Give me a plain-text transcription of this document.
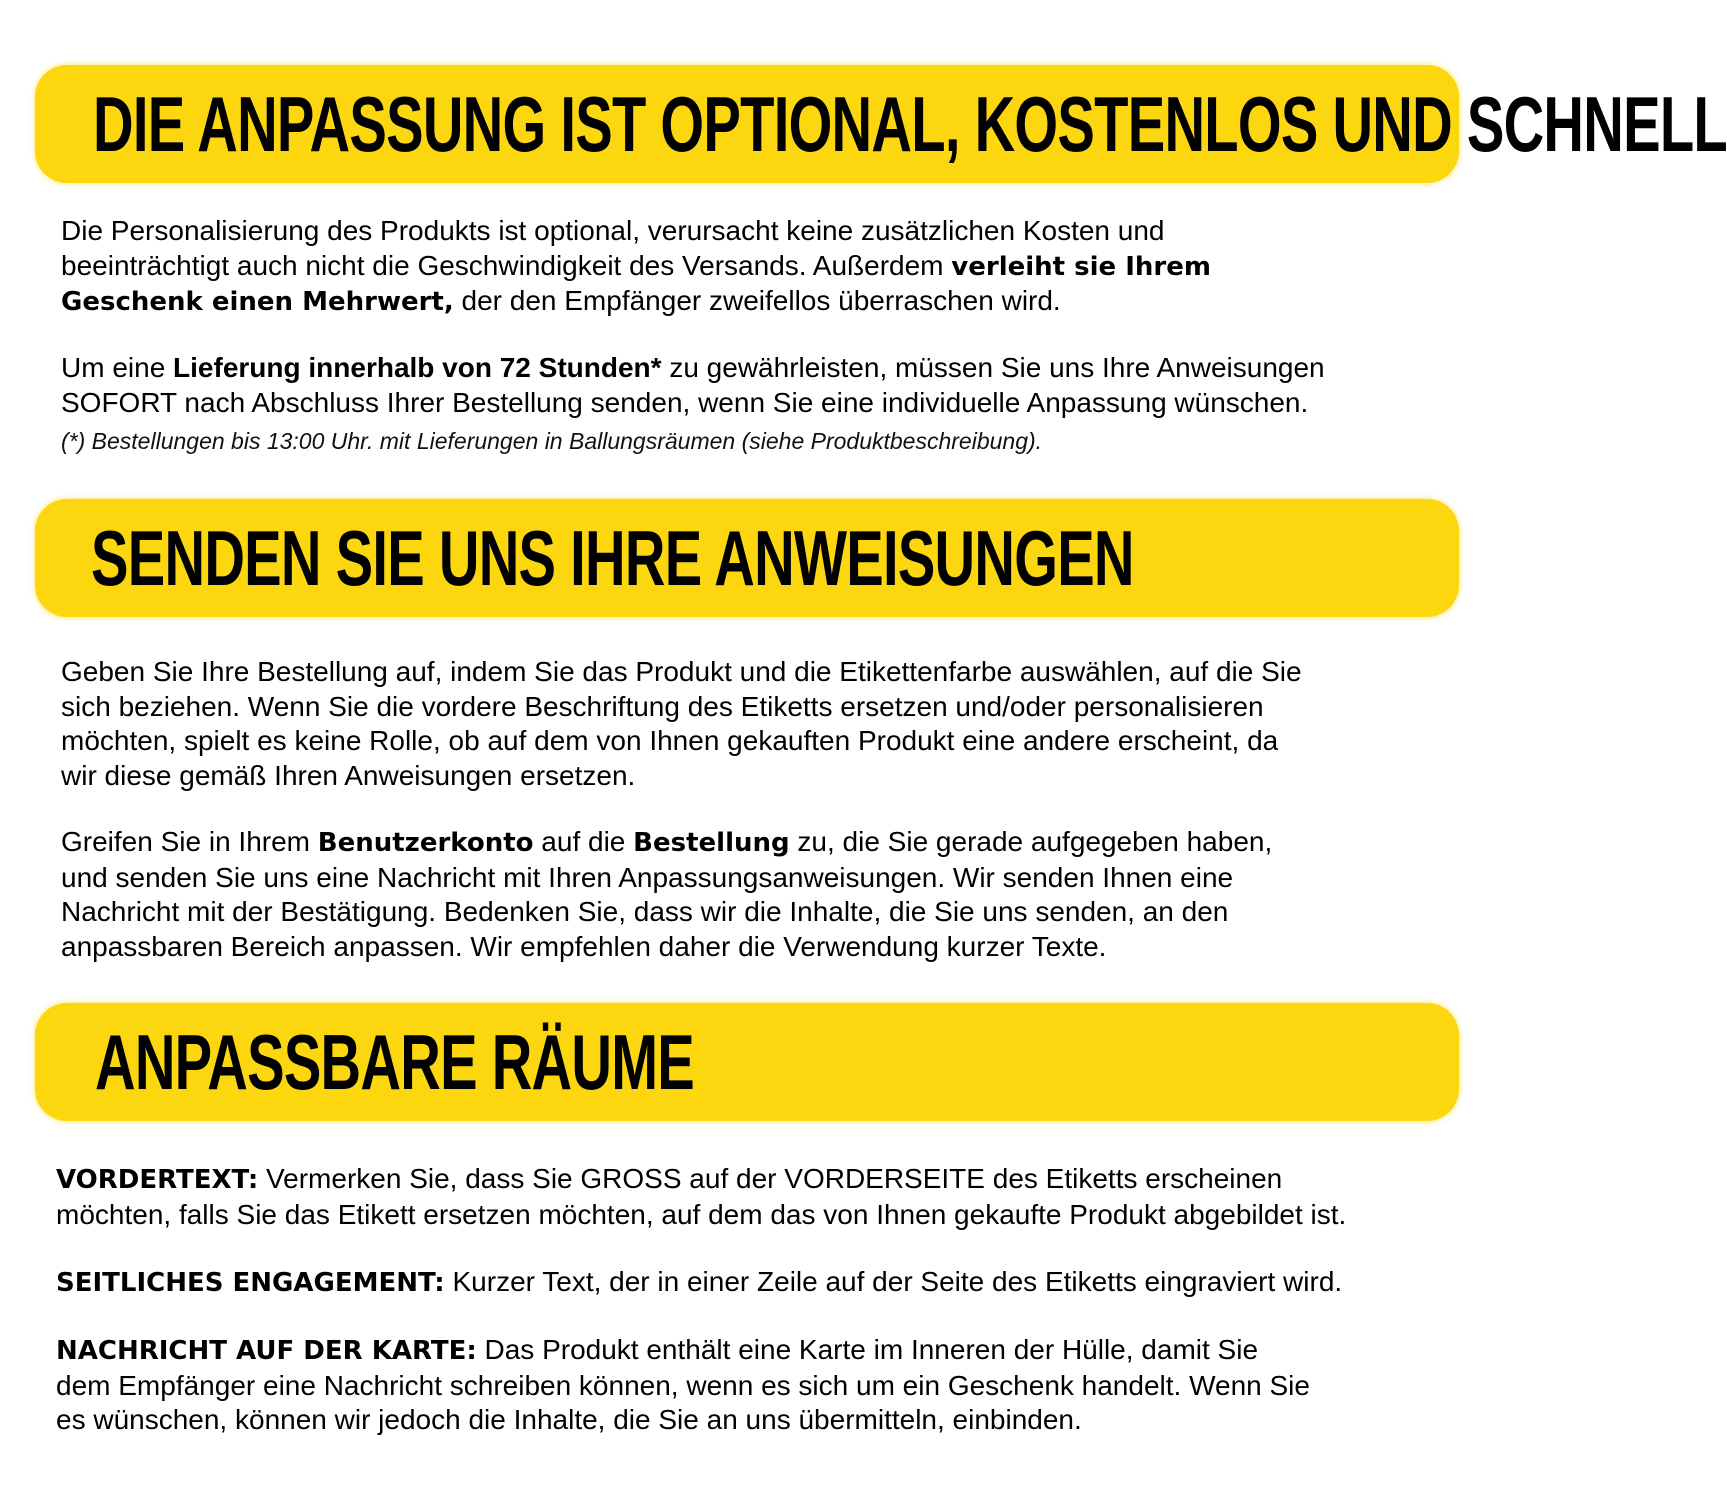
DIE ANPASSUNG IST OPTIONAL, KOSTENLOS UND SCHNELL

Die Personalisierung des Produkts ist optional, verursacht keine zusätzlichen Kosten und
beeinträchtigt auch nicht die Geschwindigkeit des Versands. Außerdem verleiht sie Ihrem
Geschenk einen Mehrwert, der den Empfänger zweifellos überraschen wird.

Um eine Lieferung innerhalb von 72 Stunden* zu gewährleisten, müssen Sie uns Ihre Anweisungen
SOFORT nach Abschluss Ihrer Bestellung senden, wenn Sie eine individuelle Anpassung wünschen.
(*) Bestellungen bis 13:00 Uhr. mit Lieferungen in Ballungsräumen (siehe Produktbeschreibung).

SENDEN SIE UNS IHRE ANWEISUNGEN

Geben Sie Ihre Bestellung auf, indem Sie das Produkt und die Etikettenfarbe auswählen, auf die Sie
sich beziehen. Wenn Sie die vordere Beschriftung des Etiketts ersetzen und/oder personalisieren
möchten, spielt es keine Rolle, ob auf dem von Ihnen gekauften Produkt eine andere erscheint, da
wir diese gemäß Ihren Anweisungen ersetzen.

Greifen Sie in Ihrem Benutzerkonto auf die Bestellung zu, die Sie gerade aufgegeben haben,
und senden Sie uns eine Nachricht mit Ihren Anpassungsanweisungen. Wir senden Ihnen eine
Nachricht mit der Bestätigung. Bedenken Sie, dass wir die Inhalte, die Sie uns senden, an den
anpassbaren Bereich anpassen. Wir empfehlen daher die Verwendung kurzer Texte.

ANPASSBARE RÄUME

VORDERTEXT: Vermerken Sie, dass Sie GROSS auf der VORDERSEITE des Etiketts erscheinen
möchten, falls Sie das Etikett ersetzen möchten, auf dem das von Ihnen gekaufte Produkt abgebildet ist.

SEITLICHES ENGAGEMENT: Kurzer Text, der in einer Zeile auf der Seite des Etiketts eingraviert wird.

NACHRICHT AUF DER KARTE: Das Produkt enthält eine Karte im Inneren der Hülle, damit Sie
dem Empfänger eine Nachricht schreiben können, wenn es sich um ein Geschenk handelt. Wenn Sie
es wünschen, können wir jedoch die Inhalte, die Sie an uns übermitteln, einbinden.
